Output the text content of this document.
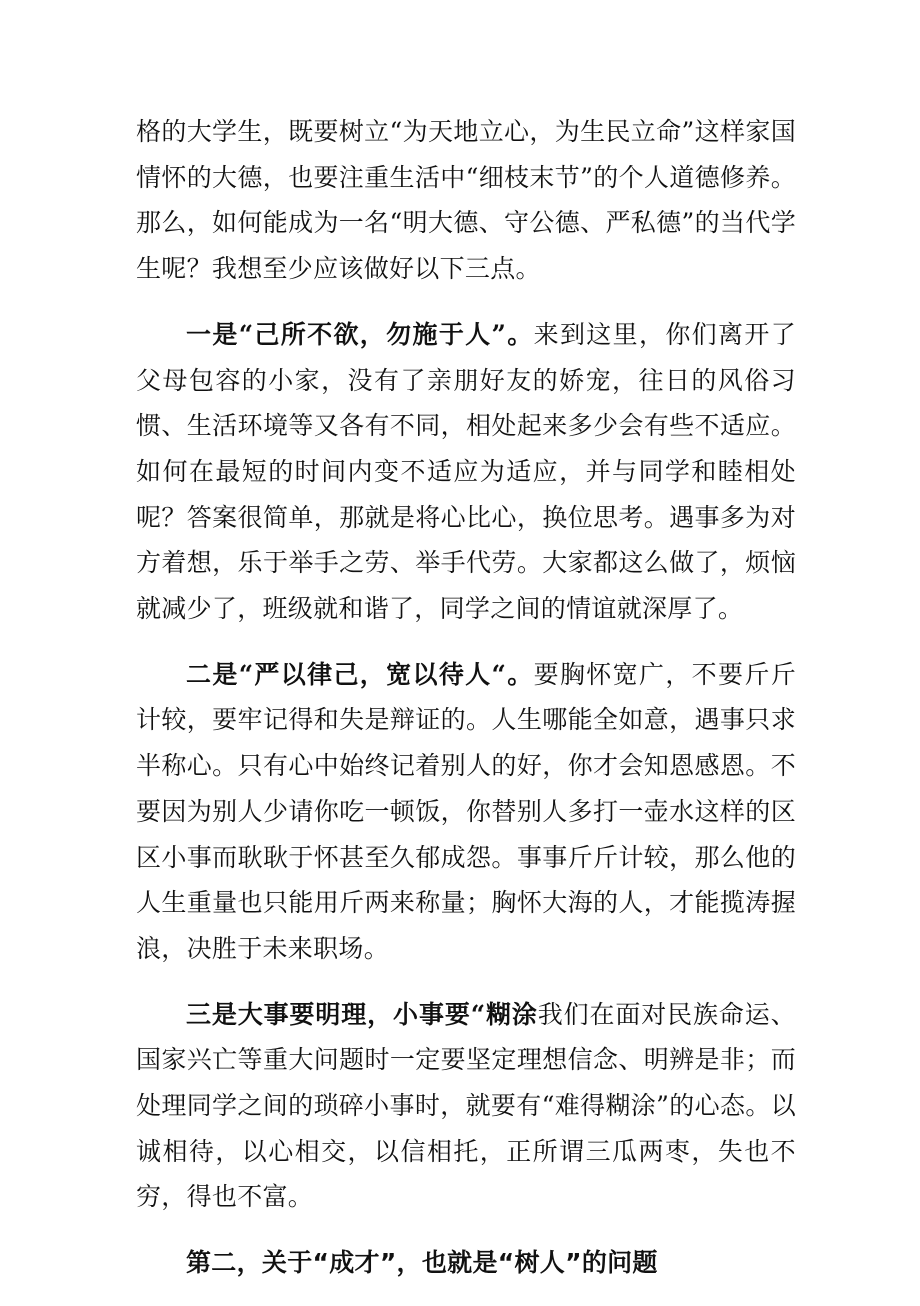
格的大学生，既要树立“为天地立心，为生民立命”这样家国情怀的大德，也要注重生活中“细枝末节”的个人道德修养。那么，如何能成为一名“明大德、守公德、严私德”的当代学生呢？我想至少应该做好以下三点。

一是“己所不欲，勿施于人”。来到这里，你们离开了父母包容的小家，没有了亲朋好友的娇宠，往日的风俗习惯、生活环境等又各有不同，相处起来多少会有些不适应。如何在最短的时间内变不适应为适应，并与同学和睦相处呢？答案很简单，那就是将心比心，换位思考。遇事多为对方着想，乐于举手之劳、举手代劳。大家都这么做了，烦恼就减少了，班级就和谐了，同学之间的情谊就深厚了。

二是“严以律己，宽以待人“。要胸怀宽广，不要斤斤计较，要牢记得和失是辩证的。人生哪能全如意，遇事只求半称心。只有心中始终记着别人的好，你才会知恩感恩。不要因为别人少请你吃一顿饭，你替别人多打一壶水这样的区区小事而耿耿于怀甚至久郁成怨。事事斤斤计较，那么他的人生重量也只能用斤两来称量；胸怀大海的人，才能揽涛握浪，决胜于未来职场。

三是大事要明理，小事要“糊涂我们在面对民族命运、国家兴亡等重大问题时一定要坚定理想信念、明辨是非；而处理同学之间的琐碎小事时，就要有“难得糊涂”的心态。以诚相待，以心相交，以信相托，正所谓三瓜两枣，失也不穷，得也不富。

第二，关于“成才”，也就是“树人”的问题
